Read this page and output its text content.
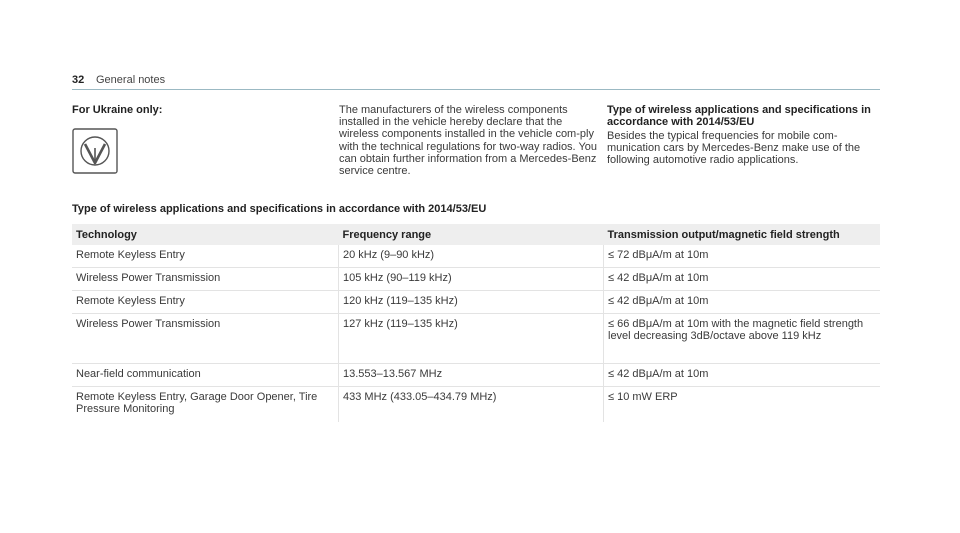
32 General notes
For Ukraine only:	The manufacturers of the wireless components installed in the vehicle hereby declare that the wireless components installed in the vehicle com-ply with the technical regulations for two-way radios. You can obtain further information from a Mercedes-Benz service centre.
Type of wireless applications and specifications in accordance with 2014/53/EU
Besides the typical frequencies for mobile com-munication cars by Mercedes-Benz make use of the following automotive radio applications.
Type of wireless applications and specifications in accordance with 2014/53/EU
Technology	Frequency range	Transmission output/magnetic field strength
Remote Keyless Entry	20 kHz (9–90 kHz)	≤ 72 dBμA/m at 10m
Wireless Power Transmission	105 kHz (90–119 kHz)	≤ 42 dBμA/m at 10m
Remote Keyless Entry	120 kHz (119–135 kHz)	≤ 42 dBμA/m at 10m
Wireless Power Transmission	127 kHz (119–135 kHz)	≤ 66 dBμA/m at 10m with the magnetic field strength level decreasing 3dB/octave above 119 kHz
Near-field communication	13.553–13.567 MHz	≤ 42 dBμA/m at 10m
Remote Keyless Entry, Garage Door Opener, Tire Pressure Monitoring	433 MHz (433.05–434.79 MHz)	≤ 10 mW ERP
